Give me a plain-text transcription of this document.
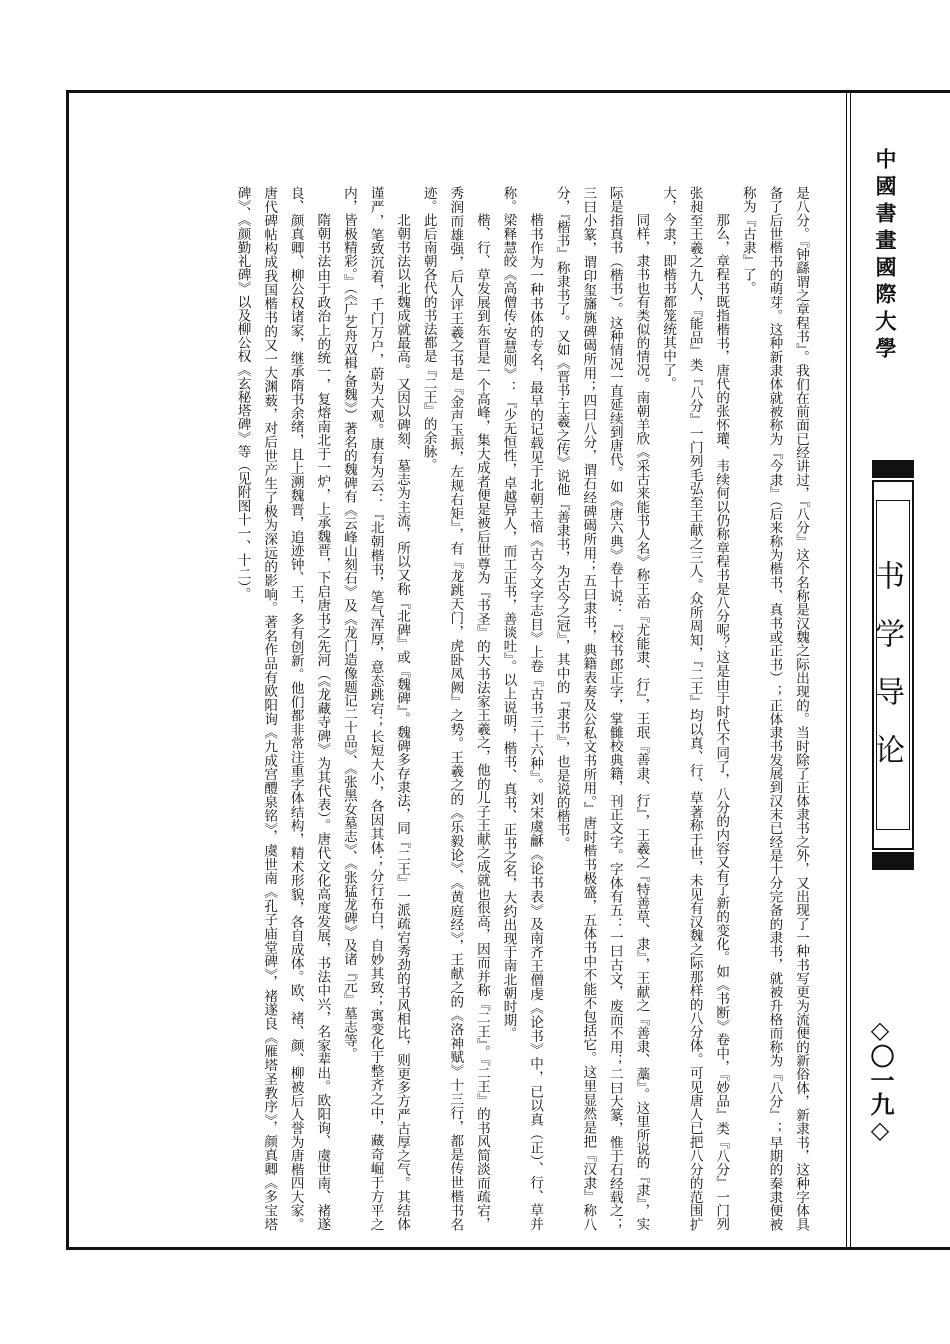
中國書畫國際大學
书学导论
◇〇一九◇

是八分。『钟繇谓之章程书』。我们在前面已经讲过，『八分』这个名称是汉魏之际出现的。当时除了正体隶书之外，又出现了一种书写更为流便的新俗体，新隶书，这种字体具备了后世楷书的萌芽。这种新隶体就被称为『今隶』（后来称为楷书、真书或正书）；正体隶书发展到汉末已经是十分完备的隶书，就被升格而称为『八分』；早期的秦隶便被称为『古隶』了。

那么，章程书既指楷书，唐代的张怀瓘、韦续何以仍称章程书是八分呢？这是由于时代不同了，八分的内容又有了新的变化。如《书断》卷中，『妙品』类『八分』一门列张昶至王羲之九人，『能品』类『八分』一门列毛弘至王献之三人。众所周知，『二王』均以真、行、草著称于世，未见有汉魏之际那样的八分体。可见唐人已把八分的范围扩大，今隶，即楷书都笼统其中了。

同样，隶书也有类似的情况。南朝羊欣《采古来能书人名》称王治『尤能隶、行』，王珉『善隶、行』，王羲之『特善草、隶』，王献之『善隶、藁』。这里所说的『隶』，实际是指真书（楷书）。这种情况一直延续到唐代。如《唐六典》卷十说：『校书郎正字，掌雠校典籍，刊正文字。字体有五：一曰古文，废而不用；二曰大篆，惟于石经载之；三曰小篆，谓印玺旛旐碑碣所用；四曰八分，谓石经碑碣所用；五曰隶书，典籍表奏及公私文书所用。』唐时楷书极盛，五体书中不能不包括它。这里显然是把『汉隶』称八分，『楷书』称隶书了。又如《晋书·王羲之传》说他『善隶书，为古今之冠』，其中的『隶书』，也是说的楷书。

楷书作为一种书体的专名，最早的记载见于北朝王愔《古今文字志目》上卷『古书三十六种』。刘宋虞龢《论书表》及南齐王僧虔《论书》中，已以真（正）、行、草并称。梁释慧皎《高僧传·安慧则》：『少无恒性，卓越异人，而工正书，善谈吐』。以上说明，楷书、真书、正书之名，大约出现于南北朝时期。

楷、行、草发展到东晋是一个高峰，集大成者便是被后世尊为『书圣』的大书法家王羲之，他的儿子王献之成就也很高，因而并称『二王』。『二王』的书风简淡而疏宕，秀润而雄强，后人评王羲之书是『金声玉振，左规右矩』，有『龙跳天门，虎卧凤阙』之势。王羲之的《乐毅论》、《黄庭经》，王献之的《洛神赋》十三行，都是传世楷书名迹。此后南朝各代的书法都是『二王』的余脉。

北朝书法以北魏成就最高。又因以碑刻、墓志为主流，所以又称『北碑』或『魏碑』。魏碑多存隶法，同『二王』一派疏宕秀劲的书风相比，则更多方严古厚之气。其结体谨严，笔致沉着，千门万户，蔚为大观。康有为云：『北朝楷书，笔气浑厚，意态跳宕；长短大小，各因其体；分行布白，自妙其致；寓变化于整齐之中，藏奇崛于方平之内，皆极精彩。』（《广艺舟双楫·备魏》）著名的魏碑有《云峰山刻石》及《龙门造像题记二十品》、《张黑女墓志》、《张猛龙碑》及诸『元』墓志等。

隋朝书法由于政治上的统一，复熔南北于一炉，上承魏晋，下启唐书之先河（《龙藏寺碑》为其代表）。唐代文化高度发展，书法中兴，名家辈出。欧阳询、虞世南、褚遂良、颜真卿、柳公权诸家，继承隋书余绪，且上溯魏晋，追迹钟、王，多有创新。他们都非常注重字体结构，精术形貌，各自成体。欧、褚、颜、柳被后人誉为唐楷四大家。唐代碑帖构成我国楷书的又一大渊薮，对后世产生了极为深远的影响。著名作品有欧阳询《九成宫醴泉铭》，虞世南《孔子庙堂碑》，褚遂良《雁塔圣教序》，颜真卿《多宝塔碑》、《颜勤礼碑》以及柳公权《玄秘塔碑》等（见附图十一、十二）。
